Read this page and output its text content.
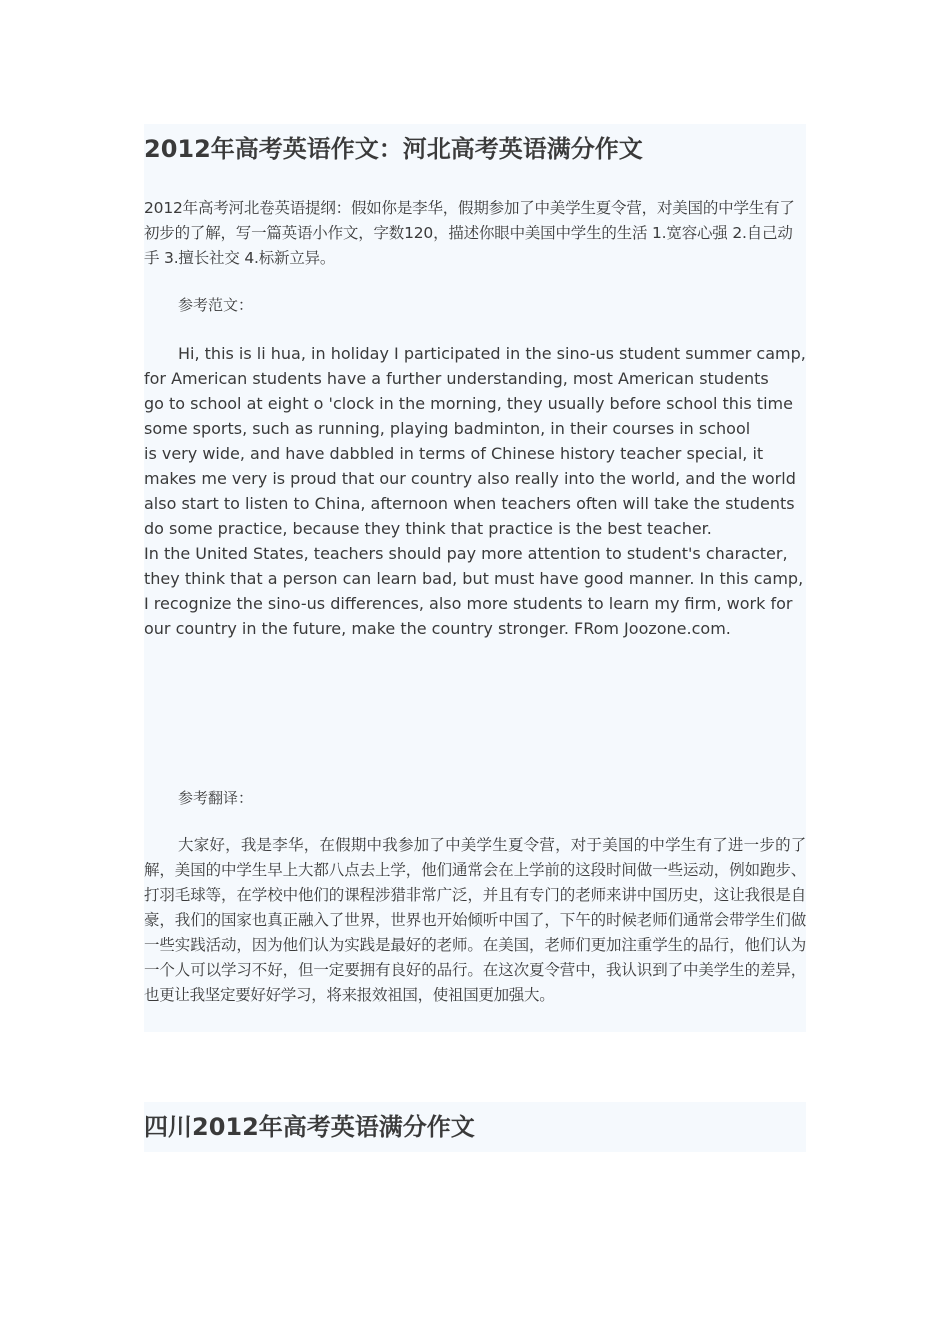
2012年高考英语作文：河北高考英语满分作文

2012年高考河北卷英语提纲：假如你是李华，假期参加了中美学生夏令营，对美国的中学生有了初步的了解，写一篇英语小作文，字数120，描述你眼中美国中学生的生活 1.宽容心强 2.自己动手 3.擅长社交 4.标新立异。

参考范文：

Hi, this is li hua, in holiday I participated in the sino-us student summer camp, for American students have a further understanding, most American students
go to school at eight o 'clock in the morning, they usually before school this time some sports, such as running, playing badminton, in their courses in school
is very wide, and have dabbled in terms of Chinese history teacher special, it makes me very is proud that our country also really into the world, and the world also start to listen to China, afternoon when teachers often will take the students do some practice, because they think that practice is the best teacher.
In the United States, teachers should pay more attention to student's character,
they think that a person can learn bad, but must have good manner. In this camp,
I recognize the sino-us differences, also more students to learn my firm, work for our country in the future, make the country stronger. FRom Joozone.com.

参考翻译：

大家好，我是李华，在假期中我参加了中美学生夏令营，对于美国的中学生有了进一步的了解，美国的中学生早上大都八点去上学，他们通常会在上学前的这段时间做一些运动，例如跑步、打羽毛球等，在学校中他们的课程涉猎非常广泛，并且有专门的老师来讲中国历史，这让我很是自豪，我们的国家也真正融入了世界，世界也开始倾听中国了，下午的时候老师们通常会带学生们做一些实践活动，因为他们认为实践是最好的老师。在美国，老师们更加注重学生的品行，他们认为一个人可以学习不好，但一定要拥有良好的品行。在这次夏令营中，我认识到了中美学生的差异，也更让我坚定要好好学习，将来报效祖国，使祖国更加强大。

四川2012年高考英语满分作文
